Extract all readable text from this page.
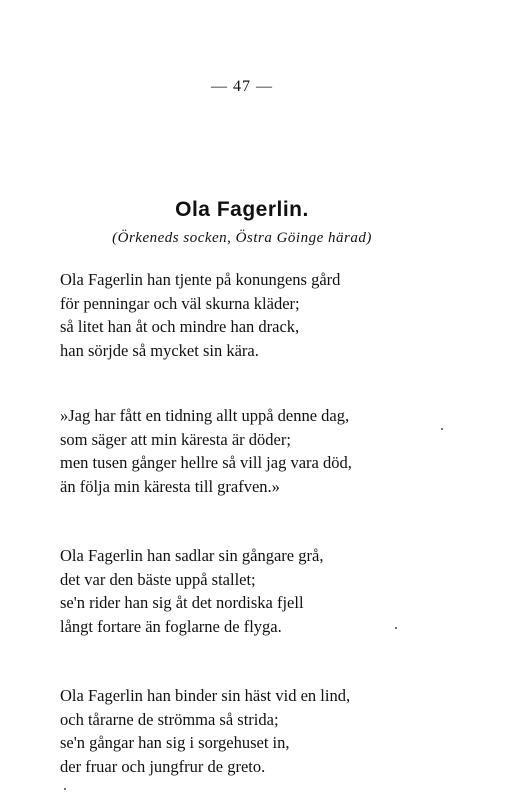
— 47 —
Ola Fagerlin.
(Örkeneds socken, Östra Göinge härad)
Ola Fagerlin han tjente på konungens gård
för penningar och väl skurna kläder;
så litet han åt och mindre han drack,
han sörjde så mycket sin kära.
»Jag har fått en tidning allt uppå denne dag,
som säger att min käresta är döder;
men tusen gånger hellre så vill jag vara död,
än följa min käresta till grafven.»
Ola Fagerlin han sadlar sin gångare grå,
det var den bäste uppå stallet;
se'n rider han sig åt det nordiska fjell
långt fortare än foglarne de flyga.
Ola Fagerlin han binder sin häst vid en lind,
och tårarne de strömma så strida;
se'n gångar han sig i sorgehuset in,
der fruar och jungfrur de greto.
